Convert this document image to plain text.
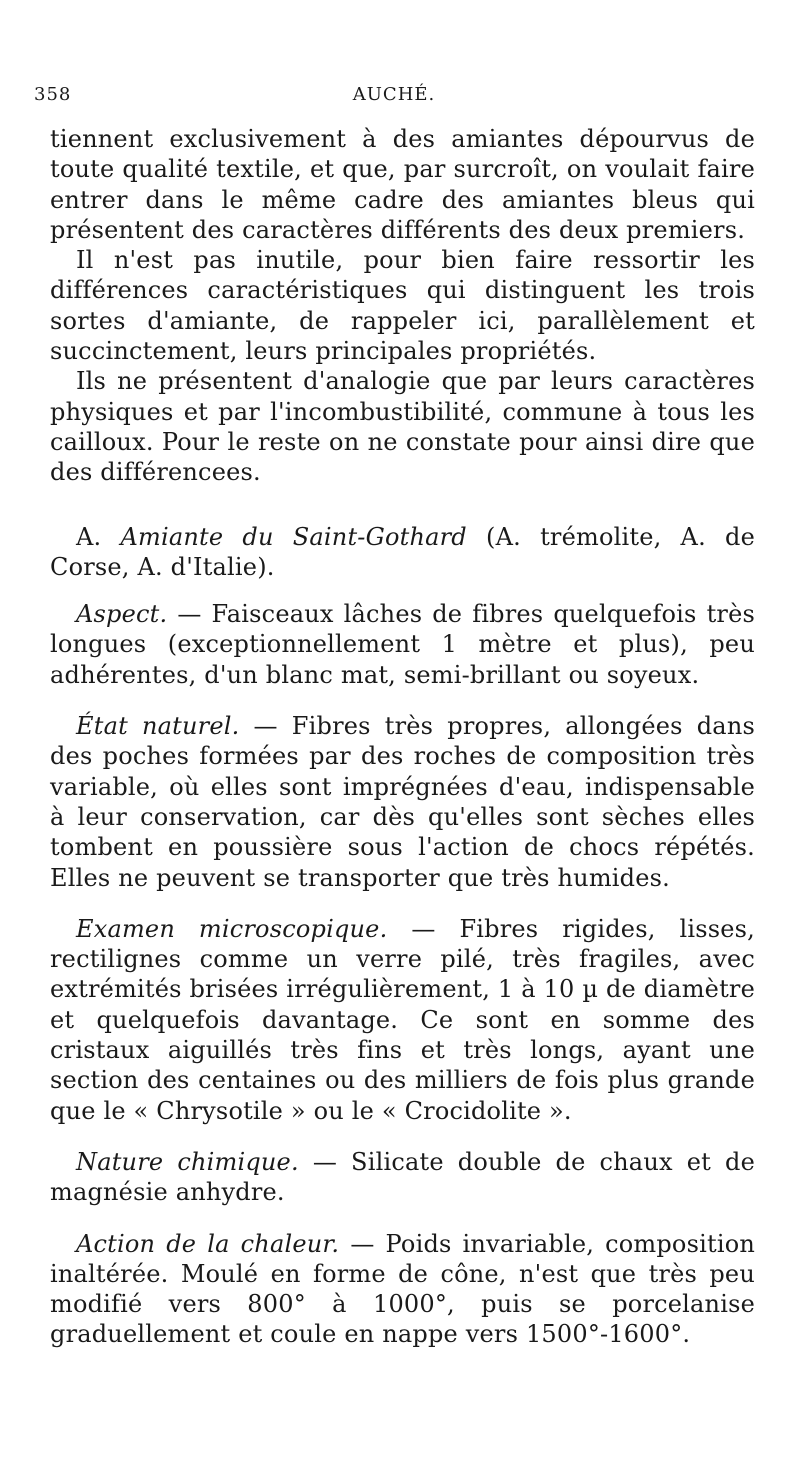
358	AUCHÉ.

tiennent exclusivement à des amiantes dépourvus de toute qualité textile, et que, par surcroît, on voulait faire entrer dans le même cadre des amiantes bleus qui présentent des caractères différents des deux premiers.

Il n'est pas inutile, pour bien faire ressortir les différences caractéristiques qui distinguent les trois sortes d'amiante, de rappeler ici, parallèlement et succinctement, leurs principales propriétés.

Ils ne présentent d'analogie que par leurs caractères physiques et par l'incombustibilité, commune à tous les cailloux. Pour le reste on ne constate pour ainsi dire que des différencees.

A. Amiante du Saint-Gothard (A. trémolite, A. de Corse, A. d'Italie).

Aspect. — Faisceaux lâches de fibres quelquefois très longues (exceptionnellement 1 mètre et plus), peu adhérentes, d'un blanc mat, semi-brillant ou soyeux.

État naturel. — Fibres très propres, allongées dans des poches formées par des roches de composition très variable, où elles sont imprégnées d'eau, indispensable à leur conservation, car dès qu'elles sont sèches elles tombent en poussière sous l'action de chocs répétés. Elles ne peuvent se transporter que très humides.

Examen microscopique. — Fibres rigides, lisses, rectilignes comme un verre pilé, très fragiles, avec extrémités brisées irrégulièrement, 1 à 10 µ de diamètre et quelquefois davantage. Ce sont en somme des cristaux aiguillés très fins et très longs, ayant une section des centaines ou des milliers de fois plus grande que le « Chrysotile » ou le « Crocidolite ».

Nature chimique. — Silicate double de chaux et de magnésie anhydre.

Action de la chaleur. — Poids invariable, composition inaltérée. Moulé en forme de cône, n'est que très peu modifié vers 800° à 1000°, puis se porcelanise graduellement et coule en nappe vers 1500°-1600°.
